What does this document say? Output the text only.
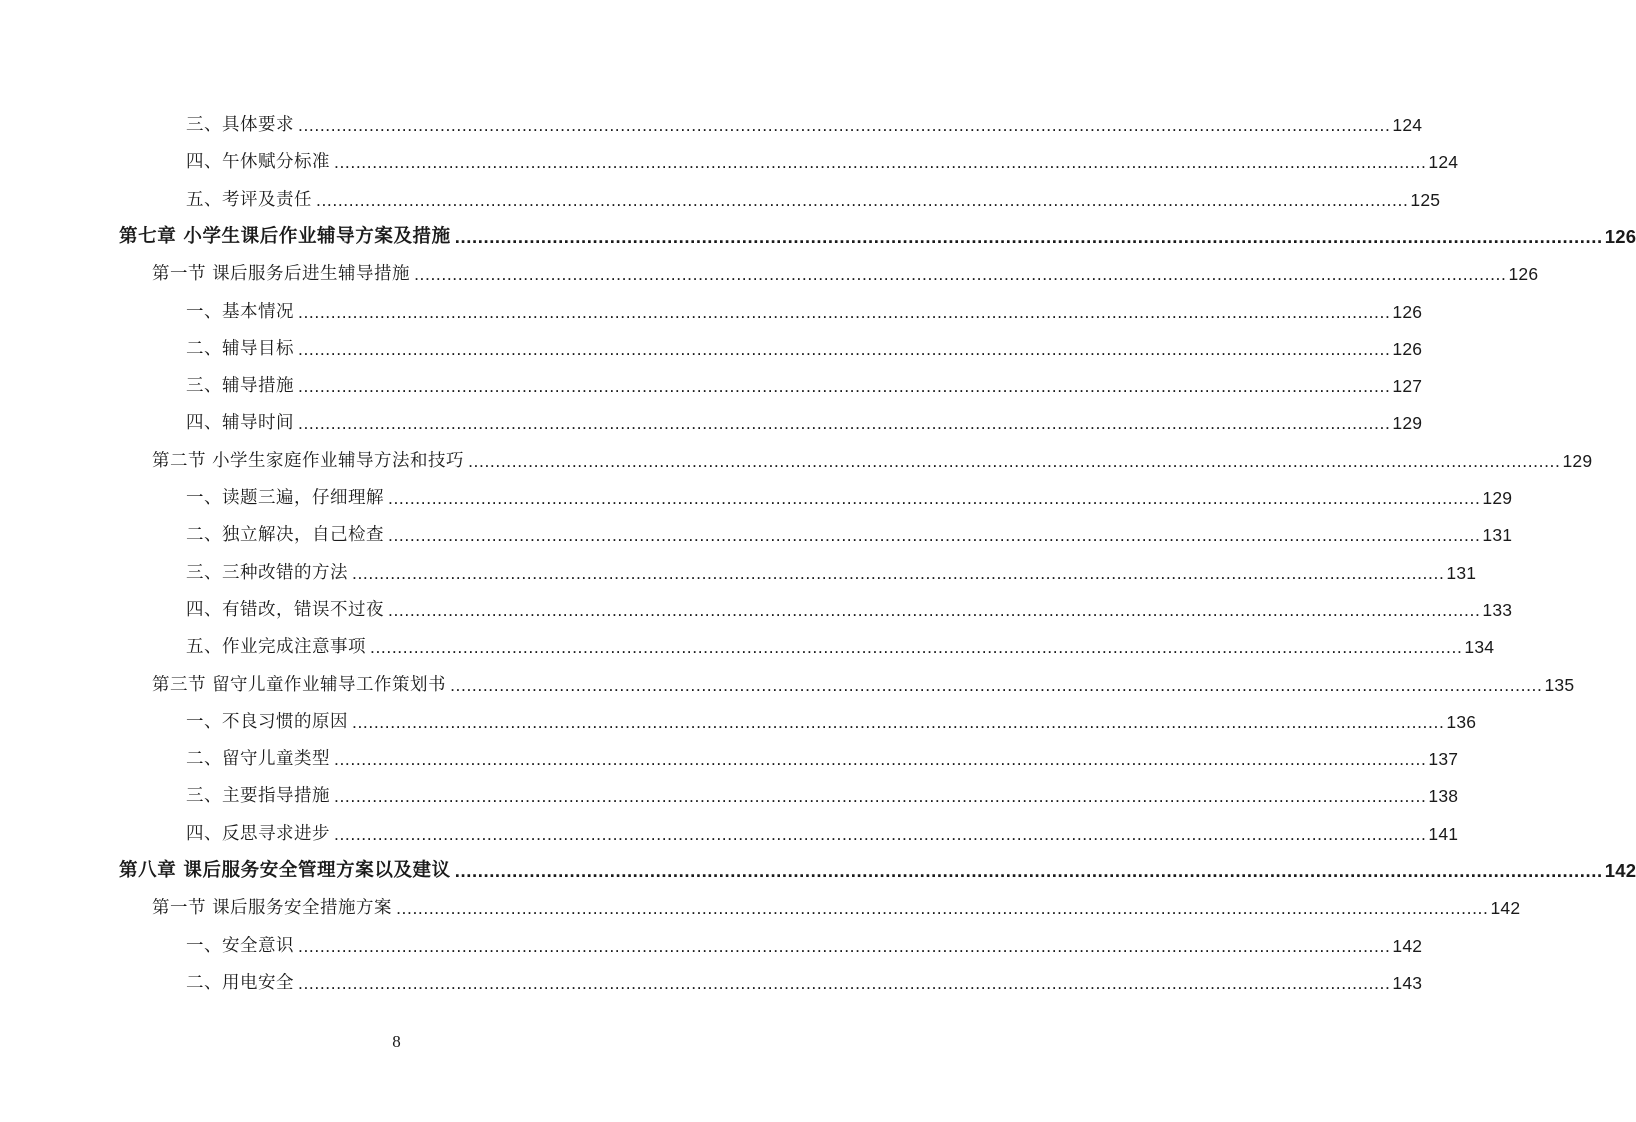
三、具体要求 ........................................................................................................................................................................................................ 124
四、午休赋分标准 ........................................................................................................................................................................................................ 124
五、考评及责任 ........................................................................................................................................................................................................ 125
第七章 小学生课后作业辅导方案及措施 ........................................................................................................................................................................................................ 126
第一节 课后服务后进生辅导措施 ........................................................................................................................................................................................................ 126
一、基本情况 ........................................................................................................................................................................................................ 126
二、辅导目标 ........................................................................................................................................................................................................ 126
三、辅导措施 ........................................................................................................................................................................................................ 127
四、辅导时间 ........................................................................................................................................................................................................ 129
第二节 小学生家庭作业辅导方法和技巧 ........................................................................................................................................................................................................ 129
一、读题三遍，仔细理解 ........................................................................................................................................................................................................ 129
二、独立解决，自己检查 ........................................................................................................................................................................................................ 131
三、三种改错的方法 ........................................................................................................................................................................................................ 131
四、有错改，错误不过夜 ........................................................................................................................................................................................................ 133
五、作业完成注意事项 ........................................................................................................................................................................................................ 134
第三节 留守儿童作业辅导工作策划书 ........................................................................................................................................................................................................ 135
一、不良习惯的原因 ........................................................................................................................................................................................................ 136
二、留守儿童类型 ........................................................................................................................................................................................................ 137
三、主要指导措施 ........................................................................................................................................................................................................ 138
四、反思寻求进步 ........................................................................................................................................................................................................ 141
第八章 课后服务安全管理方案以及建议 ........................................................................................................................................................................................................ 142
第一节 课后服务安全措施方案 ........................................................................................................................................................................................................ 142
一、安全意识 ........................................................................................................................................................................................................ 142
二、用电安全 ........................................................................................................................................................................................................ 143
8
